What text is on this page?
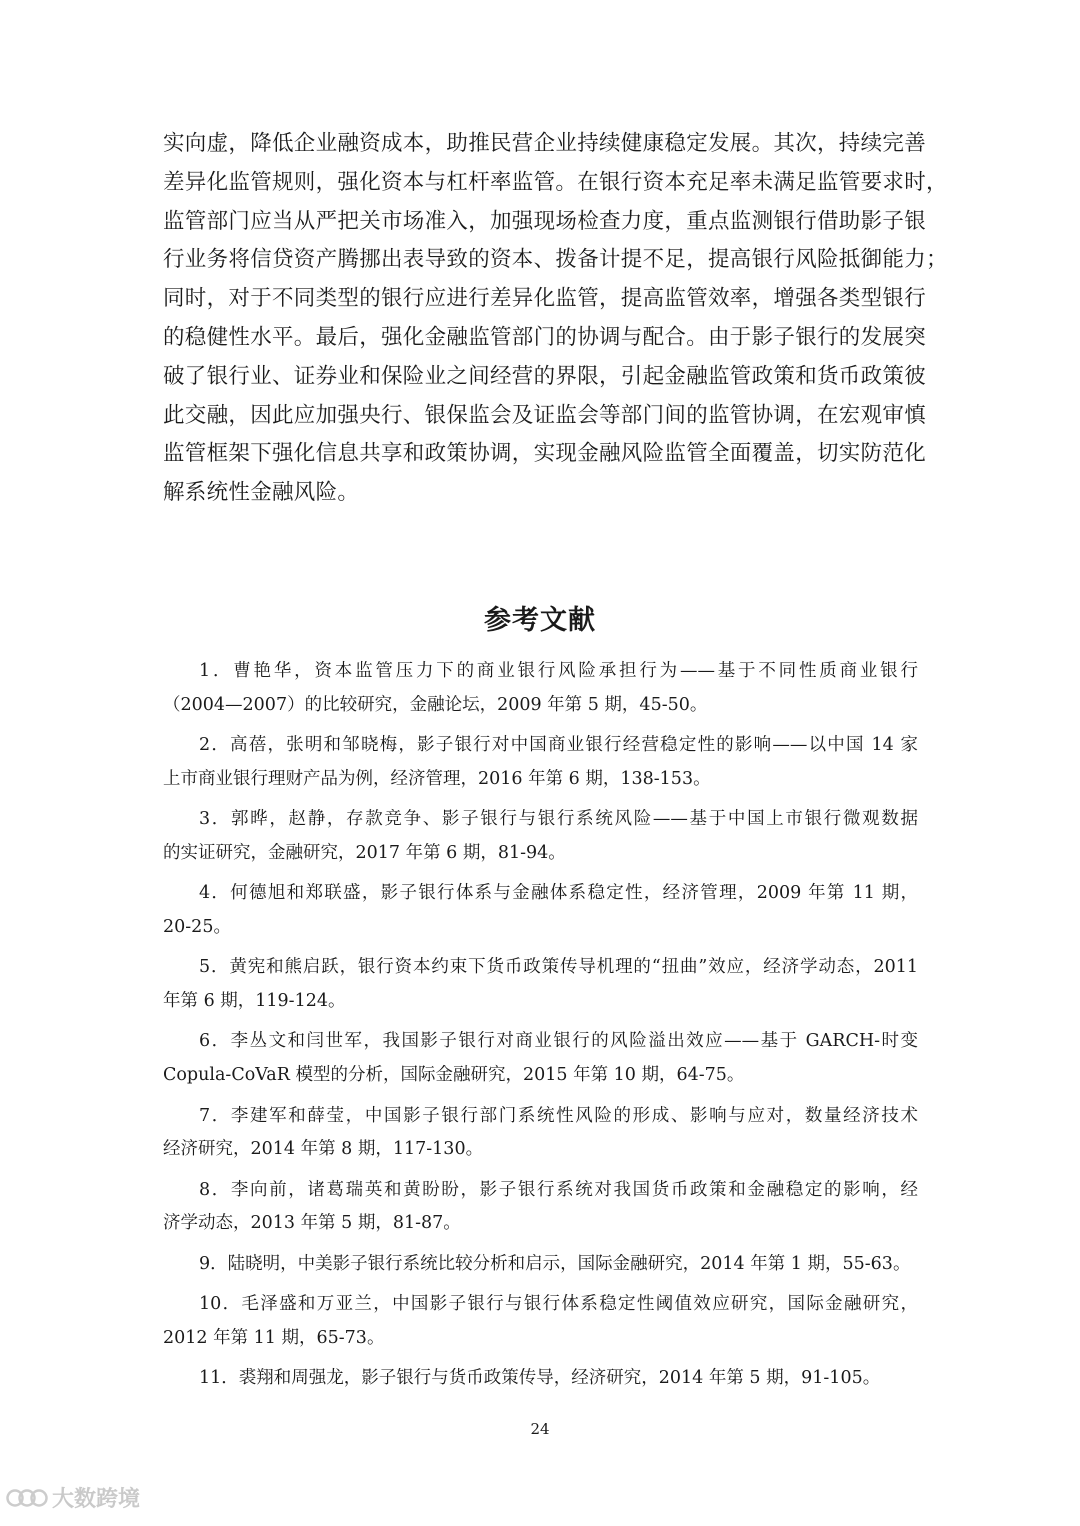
实向虚，降低企业融资成本，助推民营企业持续健康稳定发展。其次，持续完善
差异化监管规则，强化资本与杠杆率监管。在银行资本充足率未满足监管要求时，
监管部门应当从严把关市场准入，加强现场检查力度，重点监测银行借助影子银
行业务将信贷资产腾挪出表导致的资本、拨备计提不足，提高银行风险抵御能力；
同时，对于不同类型的银行应进行差异化监管，提高监管效率，增强各类型银行
的稳健性水平。最后，强化金融监管部门的协调与配合。由于影子银行的发展突
破了银行业、证券业和保险业之间经营的界限，引起金融监管政策和货币政策彼
此交融，因此应加强央行、银保监会及证监会等部门间的监管协调，在宏观审慎
监管框架下强化信息共享和政策协调，实现金融风险监管全面覆盖，切实防范化
解系统性金融风险。
参考文献
1．曹艳华，资本监管压力下的商业银行风险承担行为——基于不同性质商业银行
（2004—2007）的比较研究，金融论坛，2009 年第 5 期，45-50。
2．高蓓，张明和邹晓梅，影子银行对中国商业银行经营稳定性的影响——以中国 14 家
上市商业银行理财产品为例，经济管理，2016 年第 6 期，138-153。
3．郭晔，赵静，存款竞争、影子银行与银行系统风险——基于中国上市银行微观数据
的实证研究，金融研究，2017 年第 6 期，81-94。
4．何德旭和郑联盛，影子银行体系与金融体系稳定性，经济管理，2009 年第 11 期，
20-25。
5．黄宪和熊启跃，银行资本约束下货币政策传导机理的“扭曲”效应，经济学动态，2011
年第 6 期，119-124。
6．李丛文和闫世军，我国影子银行对商业银行的风险溢出效应——基于 GARCH-时变
Copula-CoVaR 模型的分析，国际金融研究，2015 年第 10 期，64-75。
7．李建军和薛莹，中国影子银行部门系统性风险的形成、影响与应对，数量经济技术
经济研究，2014 年第 8 期，117-130。
8．李向前，诸葛瑞英和黄盼盼，影子银行系统对我国货币政策和金融稳定的影响，经
济学动态，2013 年第 5 期，81-87。
9．陆晓明，中美影子银行系统比较分析和启示，国际金融研究，2014 年第 1 期，55-63。
10．毛泽盛和万亚兰，中国影子银行与银行体系稳定性阈值效应研究，国际金融研究，
2012 年第 11 期，65-73。
11．裘翔和周强龙，影子银行与货币政策传导，经济研究，2014 年第 5 期，91-105。
24
大数跨境
